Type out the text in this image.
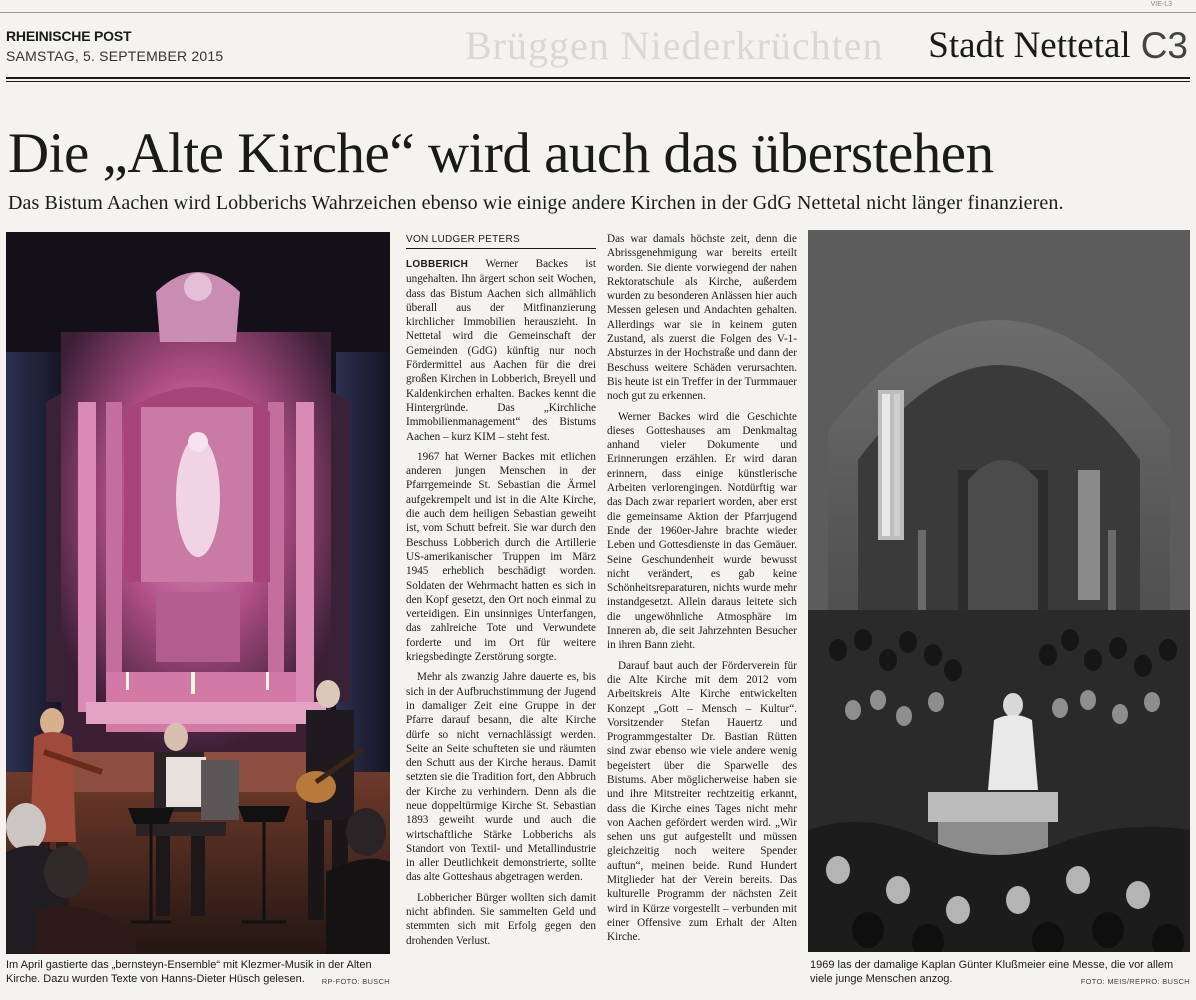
VIE-L3
RHEINISCHE POST
SAMSTAG, 5. SEPTEMBER 2015	Brüggen Niederkrüchten Stadt Nettetal C3
Die „Alte Kirche“ wird auch das überstehen
Das Bistum Aachen wird Lobberichs Wahrzeichen ebenso wie einige andere Kirchen in der GdG Nettetal nicht länger finanzieren.
Im April gastierte das „bernsteyn-Ensemble“ mit Klezmer-Musik in der Alten Kirche. Dazu wurden Texte von Hanns-Dieter Hüsch gelesen. RP-FOTO: BUSCH
VON LUDGER PETERS

LOBBERICH Werner Backes ist ungehalten. Ihn ärgert schon seit Wochen, dass das Bistum Aachen sich allmählich überall aus der Mitfinanzierung kirchlicher Immobilien herauszieht. In Nettetal wird die Gemeinschaft der Gemeinden (GdG) künftig nur noch Fördermittel aus Aachen für die drei großen Kirchen in Lobberich, Breyell und Kaldenkirchen erhalten. Backes kennt die Hintergründe. Das „Kirchliche Immobilienmanagement“ des Bistums Aachen – kurz KIM – steht fest.

1967 hat Werner Backes mit etlichen anderen jungen Menschen in der Pfarrgemeinde St. Sebastian die Ärmel aufgekrempelt und ist in die Alte Kirche, die auch dem heiligen Sebastian geweiht ist, vom Schutt befreit. Sie war durch den Beschuss Lobberich durch die Artillerie US-amerikanischer Truppen im März 1945 erheblich beschädigt worden. Soldaten der Wehrmacht hatten es sich in den Kopf gesetzt, den Ort noch einmal zu verteidigen. Ein unsinniges Unterfangen, das zahlreiche Tote und Verwundete forderte und im Ort für weitere kriegsbedingte Zerstörung sorgte.

Mehr als zwanzig Jahre dauerte es, bis sich in der Aufbruchstimmung der Jugend in damaliger Zeit eine Gruppe in der Pfarre darauf besann, die alte Kirche dürfe so nicht vernachlässigt werden. Seite an Seite schufteten sie und räumten den Schutt aus der Kirche heraus. Damit setzten sie die Tradition fort, den Abbruch der Kirche zu verhindern. Denn als die neue doppeltürmige Kirche St. Sebastian 1893 geweiht wurde und auch die wirtschaftliche Stärke Lobberichs als Standort von Textil- und Metallindustrie in aller Deutlichkeit demonstrierte, sollte das alte Gotteshaus abgetragen werden.

Lobbericher Bürger wollten sich damit nicht abfinden. Sie sammelten Geld und stemmten sich mit Erfolg gegen den drohenden Verlust.

Das war damals höchste zeit, denn die Abrissgenehmigung war bereits erteilt worden. Sie diente vorwiegend der nahen Rektoratschule als Kirche, außerdem wurden zu besonderen Anlässen hier auch Messen gelesen und Andachten gehalten. Allerdings war sie in keinem guten Zustand, als zuerst die Folgen des V-1-Absturzes in der Hochstraße und dann der Beschuss weitere Schäden verursachten. Bis heute ist ein Treffer in der Turmmauer noch gut zu erkennen.

Werner Backes wird die Geschichte dieses Gotteshauses am Denkmaltag anhand vieler Dokumente und Erinnerungen erzählen. Er wird daran erinnern, dass einige künstlerische Arbeiten verlorengingen. Notdürftig war das Dach zwar repariert worden, aber erst die gemeinsame Aktion der Pfarrjugend Ende der 1960er-Jahre brachte wieder Leben und Gottesdienste in das Gemäuer. Seine Geschundenheit wurde bewusst nicht verändert, es gab keine Schönheitsreparaturen, nichts wurde mehr instandgesetzt. Allein daraus leitete sich die ungewöhnliche Atmosphäre im Inneren ab, die seit Jahrzehnten Besucher in ihren Bann zieht.

Darauf baut auch der Förderverein für die Alte Kirche mit dem 2012 vom Arbeitskreis Alte Kirche entwickelten Konzept „Gott – Mensch – Kultur“. Vorsitzender Stefan Hauertz und Programmgestalter Dr. Bastian Rütten sind zwar ebenso wie viele andere wenig begeistert über die Sparwelle des Bistums. Aber möglicherweise haben sie und ihre Mitstreiter rechtzeitig erkannt, dass die Kirche eines Tages nicht mehr von Aachen gefördert werden wird. „Wir sehen uns gut aufgestellt und müssen gleichzeitig noch weitere Spender auftun“, meinen beide. Rund Hundert Mitglieder hat der Verein bereits. Das kulturelle Programm der nächsten Zeit wird in Kürze vorgestellt – verbunden mit einer Offensive zum Erhalt der Alten Kirche.

1969 las der damalige Kaplan Günter Klußmeier eine Messe, die vor allem viele junge Menschen anzog.	FOTO: MEIS/REPRO: BUSCH
